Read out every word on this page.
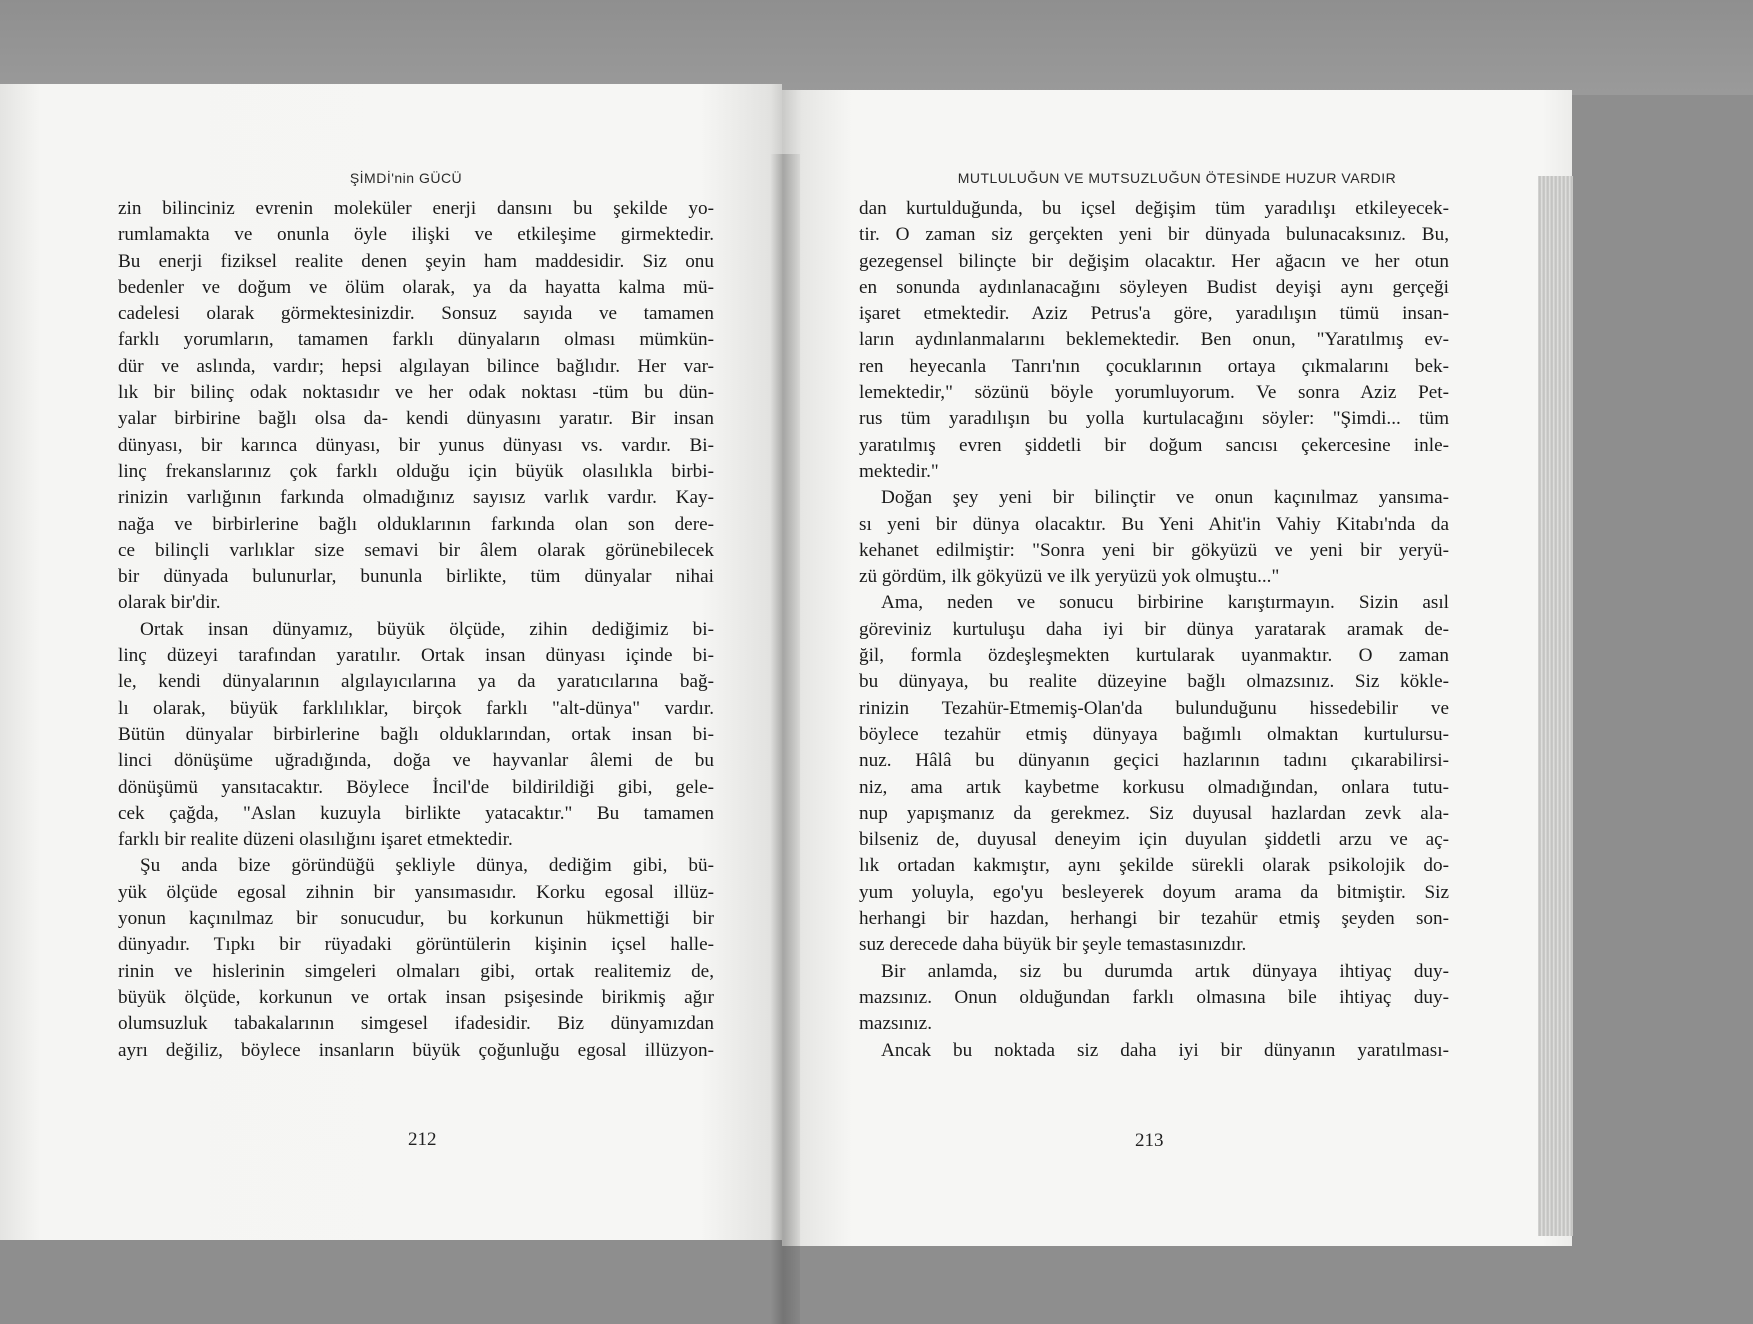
ŞİMDİ'nin GÜCÜ
zin bilinciniz evrenin moleküler enerji dansını bu şekilde yo-
rumlamakta ve onunla öyle ilişki ve etkileşime girmektedir.
Bu enerji fiziksel realite denen şeyin ham maddesidir. Siz onu
bedenler ve doğum ve ölüm olarak, ya da hayatta kalma mü-
cadelesi olarak görmektesinizdir. Sonsuz sayıda ve tamamen
farklı yorumların, tamamen farklı dünyaların olması mümkün-
dür ve aslında, vardır; hepsi algılayan bilince bağlıdır. Her var-
lık bir bilinç odak noktasıdır ve her odak noktası -tüm bu dün-
yalar birbirine bağlı olsa da- kendi dünyasını yaratır. Bir insan
dünyası, bir karınca dünyası, bir yunus dünyası vs. vardır. Bi-
linç frekanslarınız çok farklı olduğu için büyük olasılıkla birbi-
rinizin varlığının farkında olmadığınız sayısız varlık vardır. Kay-
nağa ve birbirlerine bağlı olduklarının farkında olan son dere-
ce bilinçli varlıklar size semavi bir âlem olarak görünebilecek
bir dünyada bulunurlar, bununla birlikte, tüm dünyalar nihai
olarak bir'dir.
Ortak insan dünyamız, büyük ölçüde, zihin dediğimiz bi-
linç düzeyi tarafından yaratılır. Ortak insan dünyası içinde bi-
le, kendi dünyalarının algılayıcılarına ya da yaratıcılarına bağ-
lı olarak, büyük farklılıklar, birçok farklı "alt-dünya" vardır.
Bütün dünyalar birbirlerine bağlı olduklarından, ortak insan bi-
linci dönüşüme uğradığında, doğa ve hayvanlar âlemi de bu
dönüşümü yansıtacaktır. Böylece İncil'de bildirildiği gibi, gele-
cek çağda, "Aslan kuzuyla birlikte yatacaktır." Bu tamamen
farklı bir realite düzeni olasılığını işaret etmektedir.
Şu anda bize göründüğü şekliyle dünya, dediğim gibi, bü-
yük ölçüde egosal zihnin bir yansımasıdır. Korku egosal illüz-
yonun kaçınılmaz bir sonucudur, bu korkunun hükmettiği bir
dünyadır. Tıpkı bir rüyadaki görüntülerin kişinin içsel halle-
rinin ve hislerinin simgeleri olmaları gibi, ortak realitemiz de,
büyük ölçüde, korkunun ve ortak insan psişesinde birikmiş ağır
olumsuzluk tabakalarının simgesel ifadesidir. Biz dünyamızdan
ayrı değiliz, böylece insanların büyük çoğunluğu egosal illüzyon-
212
MUTLULUĞUN VE MUTSUZLUĞUN ÖTESİNDE HUZUR VARDIR
dan kurtulduğunda, bu içsel değişim tüm yaradılışı etkileyecek-
tir. O zaman siz gerçekten yeni bir dünyada bulunacaksınız. Bu,
gezegensel bilinçte bir değişim olacaktır. Her ağacın ve her otun
en sonunda aydınlanacağını söyleyen Budist deyişi aynı gerçeği
işaret etmektedir. Aziz Petrus'a göre, yaradılışın tümü insan-
ların aydınlanmalarını beklemektedir. Ben onun, "Yaratılmış ev-
ren heyecanla Tanrı'nın çocuklarının ortaya çıkmalarını bek-
lemektedir," sözünü böyle yorumluyorum. Ve sonra Aziz Pet-
rus tüm yaradılışın bu yolla kurtulacağını söyler: "Şimdi... tüm
yaratılmış evren şiddetli bir doğum sancısı çekercesine inle-
mektedir."
Doğan şey yeni bir bilinçtir ve onun kaçınılmaz yansıma-
sı yeni bir dünya olacaktır. Bu Yeni Ahit'in Vahiy Kitabı'nda da
kehanet edilmiştir: "Sonra yeni bir gökyüzü ve yeni bir yeryü-
zü gördüm, ilk gökyüzü ve ilk yeryüzü yok olmuştu..."
Ama, neden ve sonucu birbirine karıştırmayın. Sizin asıl
göreviniz kurtuluşu daha iyi bir dünya yaratarak aramak de-
ğil, formla özdeşleşmekten kurtularak uyanmaktır. O zaman
bu dünyaya, bu realite düzeyine bağlı olmazsınız. Siz kökle-
rinizin Tezahür-Etmemiş-Olan'da bulunduğunu hissedebilir ve
böylece tezahür etmiş dünyaya bağımlı olmaktan kurtulursu-
nuz. Hâlâ bu dünyanın geçici hazlarının tadını çıkarabilirsi-
niz, ama artık kaybetme korkusu olmadığından, onlara tutu-
nup yapışmanız da gerekmez. Siz duyusal hazlardan zevk ala-
bilseniz de, duyusal deneyim için duyulan şiddetli arzu ve aç-
lık ortadan kakmıştır, aynı şekilde sürekli olarak psikolojik do-
yum yoluyla, ego'yu besleyerek doyum arama da bitmiştir. Siz
herhangi bir hazdan, herhangi bir tezahür etmiş şeyden son-
suz derecede daha büyük bir şeyle temastasınızdır.
Bir anlamda, siz bu durumda artık dünyaya ihtiyaç duy-
mazsınız. Onun olduğundan farklı olmasına bile ihtiyaç duy-
mazsınız.
Ancak bu noktada siz daha iyi bir dünyanın yaratılması-
213
